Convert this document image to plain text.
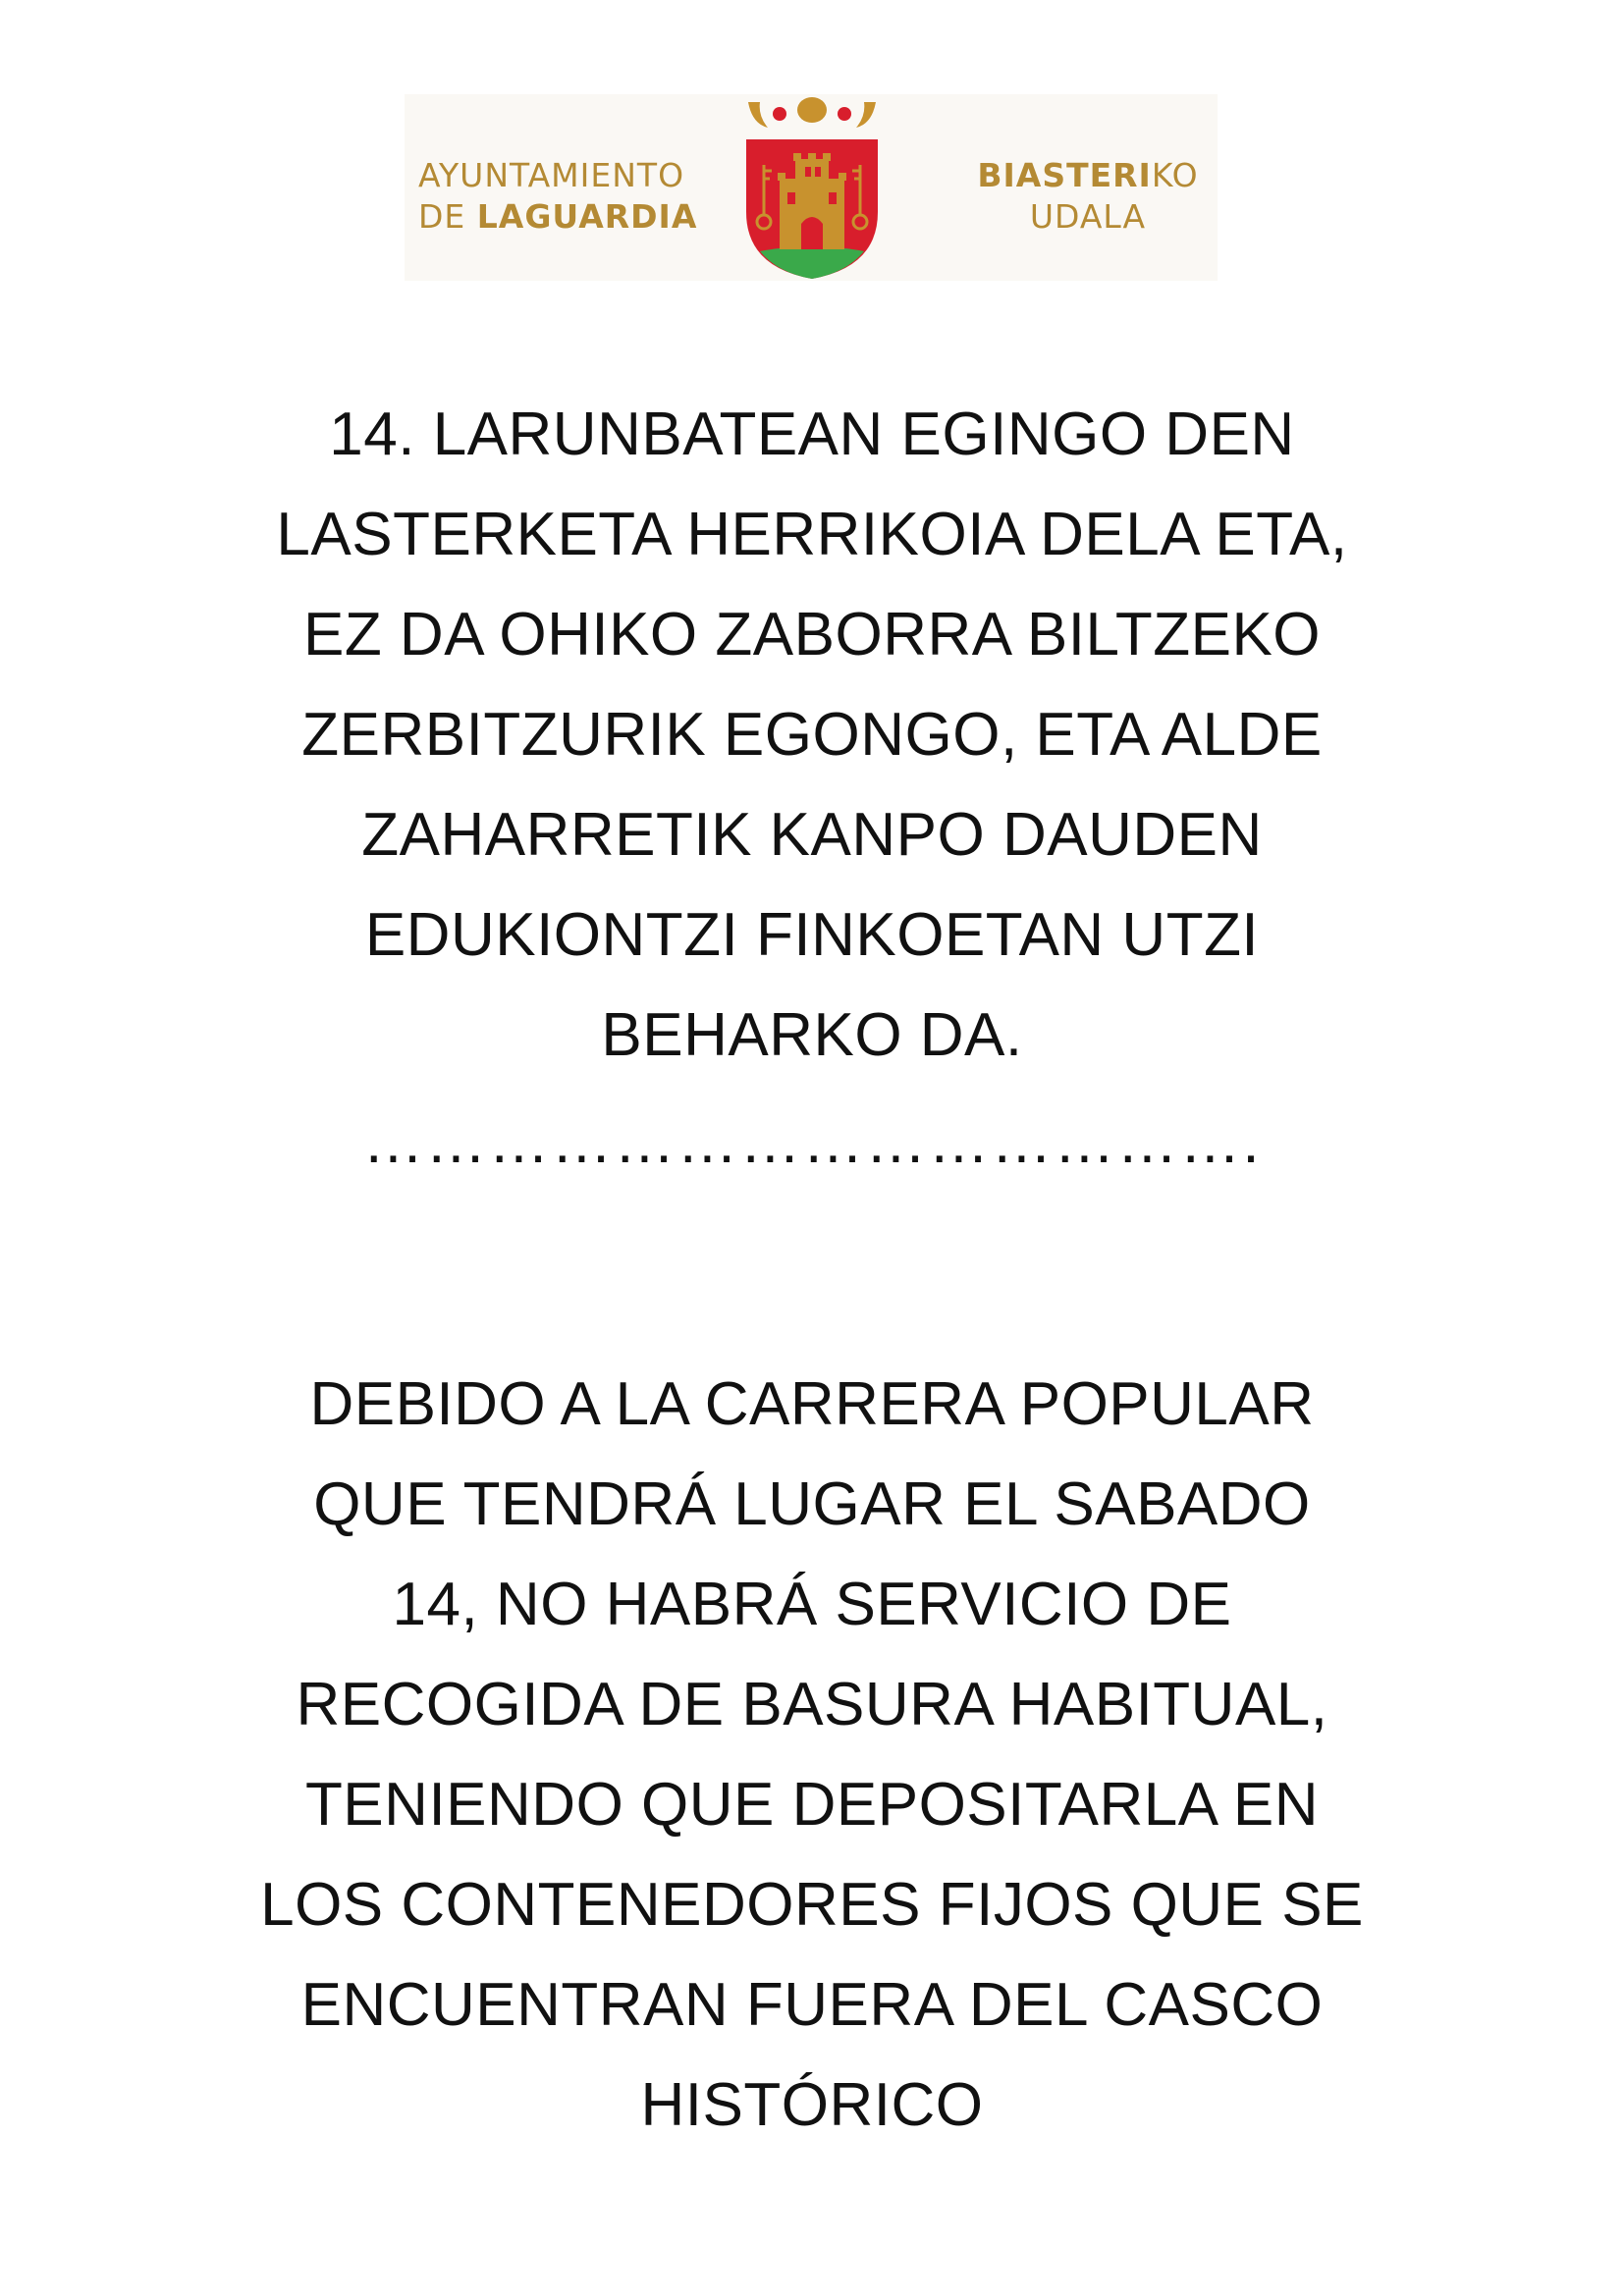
AYUNTAMIENTO
DE LAGUARDIA
BIASTERIKO
UDALA
14. LARUNBATEAN EGINGO DEN
LASTERKETA HERRIKOIA DELA ETA,
EZ DA OHIKO ZABORRA BILTZEKO
ZERBITZURIK EGONGO, ETA ALDE
ZAHARRETIK KANPO DAUDEN
EDUKIONTZI FINKOETAN UTZI
BEHARKO DA.
…………………………………….
DEBIDO A LA CARRERA POPULAR
QUE TENDRÁ LUGAR EL SABADO
14, NO HABRÁ SERVICIO DE
RECOGIDA DE BASURA HABITUAL,
TENIENDO QUE DEPOSITARLA EN
LOS CONTENEDORES FIJOS QUE SE
ENCUENTRAN FUERA DEL CASCO
HISTÓRICO
